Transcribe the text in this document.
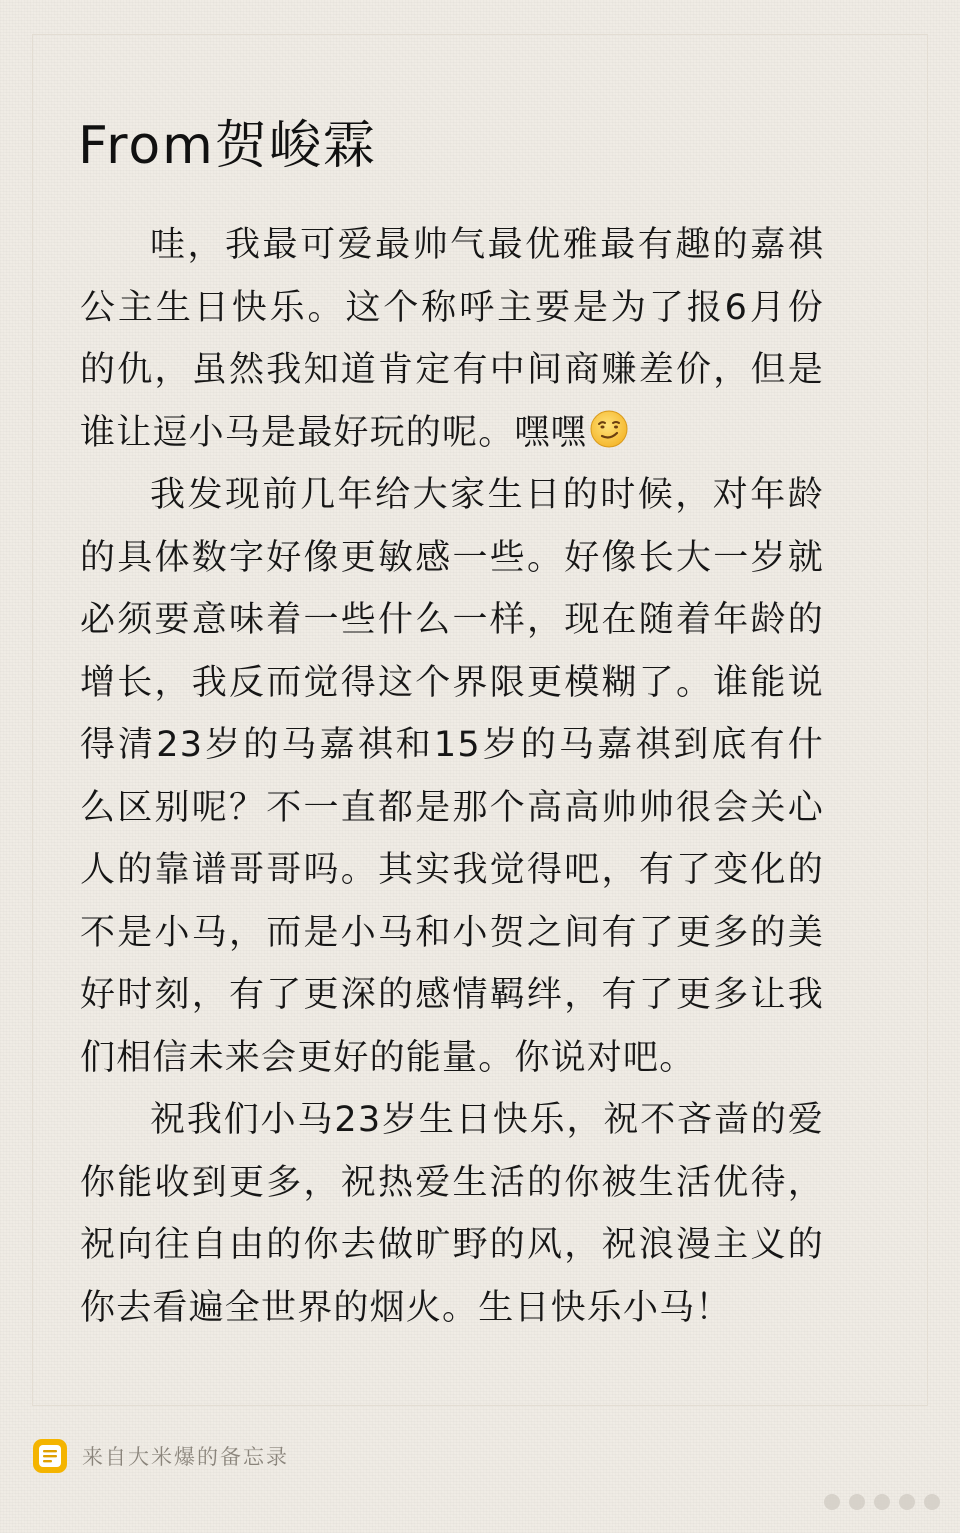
From贺峻霖

哇，我最可爱最帅气最优雅最有趣的嘉祺公主生日快乐。这个称呼主要是为了报6月份的仇，虽然我知道肯定有中间商赚差价，但是谁让逗小马是最好玩的呢。嘿嘿

我发现前几年给大家生日的时候，对年龄的具体数字好像更敏感一些。好像长大一岁就必须要意味着一些什么一样，现在随着年龄的增长，我反而觉得这个界限更模糊了。谁能说得清23岁的马嘉祺和15岁的马嘉祺到底有什么区别呢？不一直都是那个高高帅帅很会关心人的靠谱哥哥吗。其实我觉得吧，有了变化的不是小马，而是小马和小贺之间有了更多的美好时刻，有了更深的感情羁绊，有了更多让我们相信未来会更好的能量。你说对吧。

祝我们小马23岁生日快乐，祝不吝啬的爱你能收到更多，祝热爱生活的你被生活优待，祝向往自由的你去做旷野的风，祝浪漫主义的你去看遍全世界的烟火。生日快乐小马！

来自大米爆的备忘录
